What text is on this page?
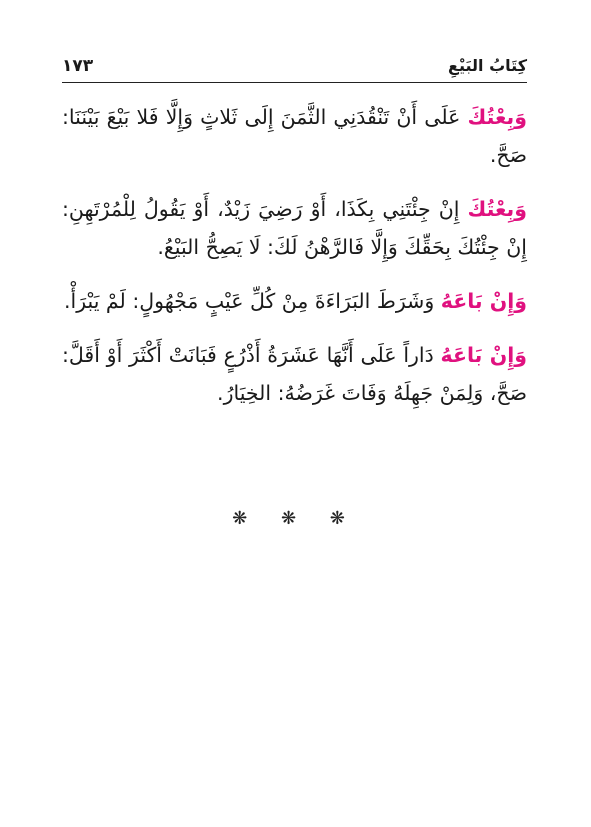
١٧٣	كِتَابُ البَيْعِ

وَبِعْتُكَ عَلَى أَنْ تَنْقُدَنِي الثَّمَنَ إِلَى ثَلاثٍ وَإِلَّا فَلا بَيْعَ بَيْنَنَا: صَحَّ.

وَبِعْتُكَ إِنْ جِئْتَنِي بِكَذَا، أَوْ رَضِيَ زَيْدٌ، أَوْ يَقُولُ لِلْمُرْتَهِنِ: إِنْ جِئْتُكَ بِحَقِّكَ وَإِلَّا فَالرَّهْنُ لَكَ: لَا يَصِحُّ البَيْعُ.

وَإِنْ بَاعَهُ وَشَرَطَ البَرَاءَةَ مِنْ كُلِّ عَيْبٍ مَجْهُولٍ: لَمْ يَبْرَأْ.

وَإِنْ بَاعَهُ دَاراً عَلَى أَنَّهَا عَشَرَةُ أَذْرُعٍ فَبَانَتْ أَكْثَرَ أَوْ أَقَلَّ: صَحَّ، وَلِمَنْ جَهِلَهُ وَفَاتَ غَرَضُهُ: الخِيَارُ.

❋ ❋ ❋
